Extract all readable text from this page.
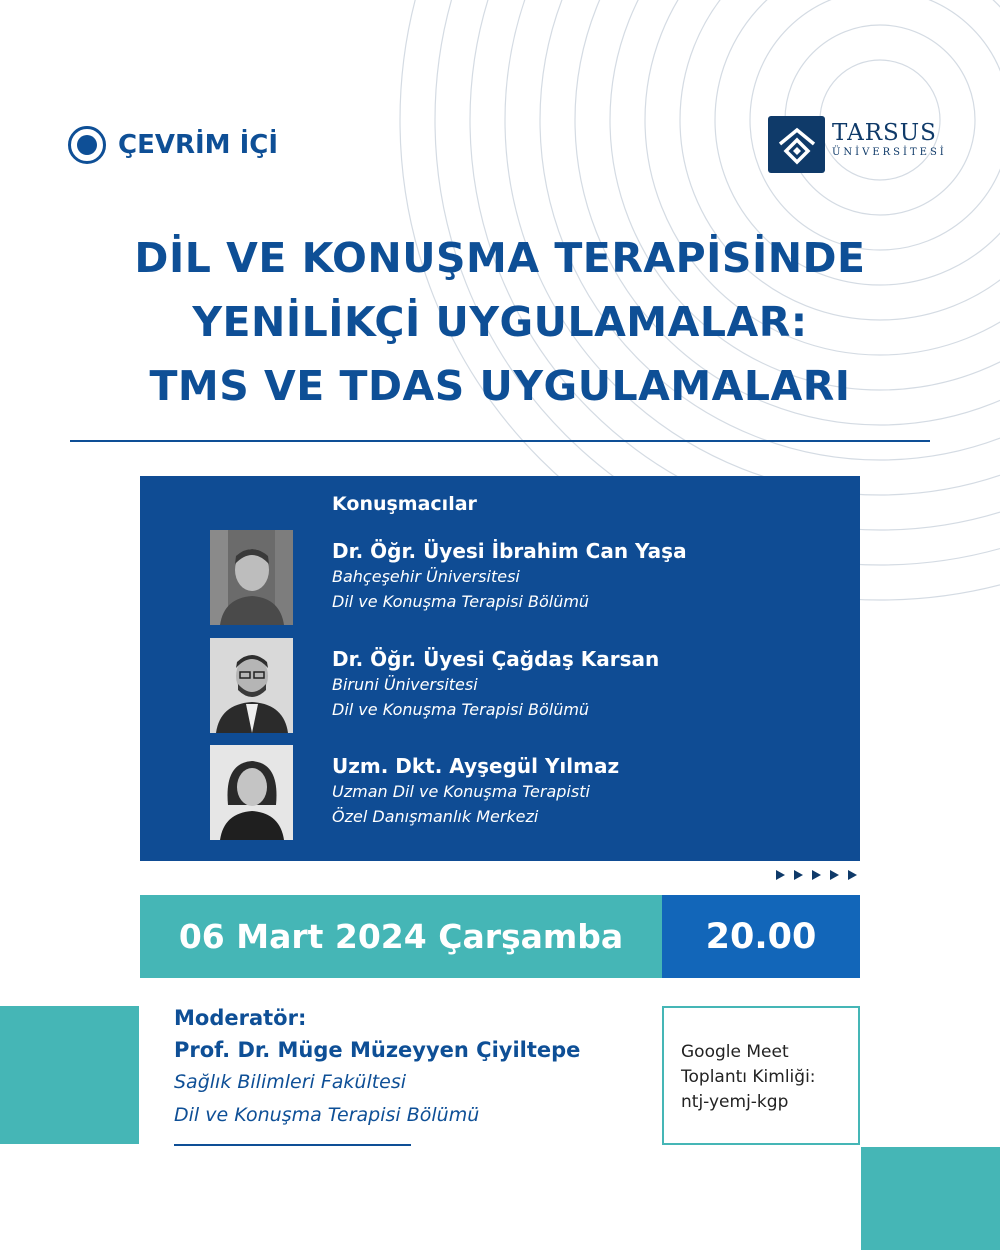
ÇEVRİM İÇİ	TARSUS
ÜNİVERSİTESİ
DİL VE KONUŞMA TERAPİSİNDE
YENİLİKÇİ UYGULAMALAR:
TMS VE TDAS UYGULAMALARI
Konuşmacılar
Dr. Öğr. Üyesi İbrahim Can Yaşa
Bahçeşehir Üniversitesi
Dil ve Konuşma Terapisi Bölümü
Dr. Öğr. Üyesi Çağdaş Karsan
Biruni Üniversitesi
Dil ve Konuşma Terapisi Bölümü
Uzm. Dkt. Ayşegül Yılmaz
Uzman Dil ve Konuşma Terapisti
Özel Danışmanlık Merkezi
06 Mart 2024 Çarşamba	20.00
Moderatör:
Prof. Dr. Müge Müzeyyen Çiyiltepe
Sağlık Bilimleri Fakültesi
Dil ve Konuşma Terapisi Bölümü
Google Meet
Toplantı Kimliği:
ntj-yemj-kgp
